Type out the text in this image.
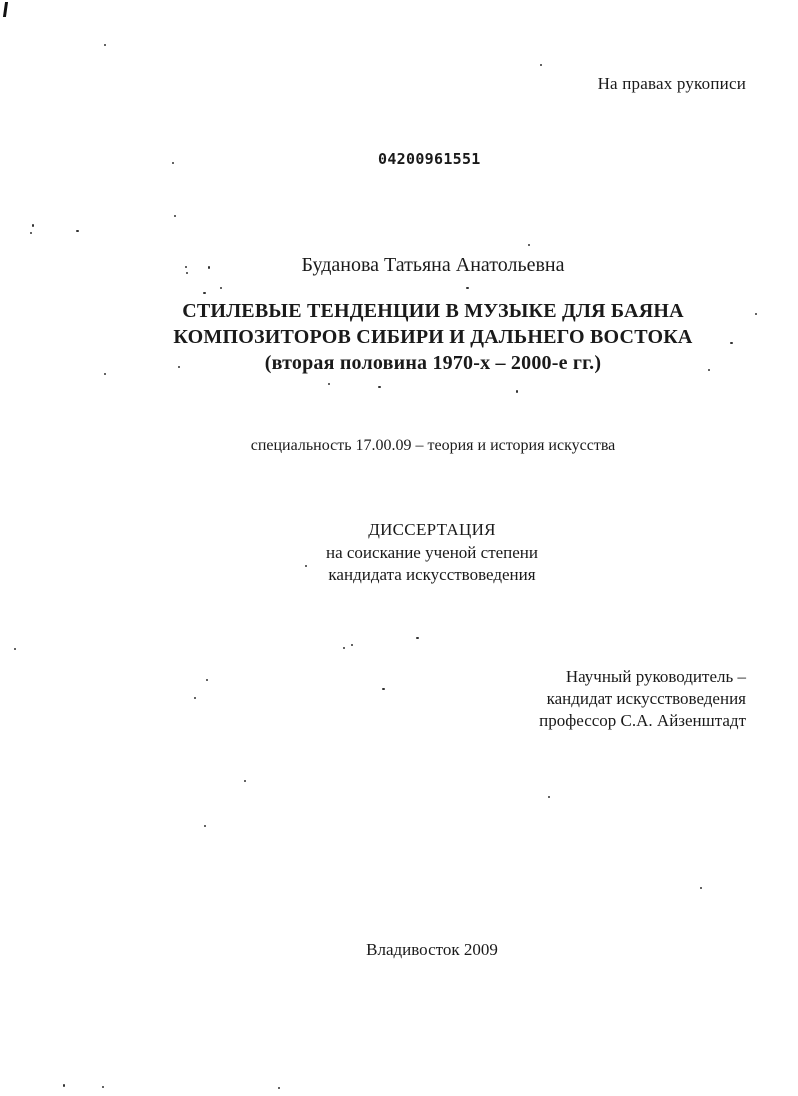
На правах рукописи
04200961551
Буданова Татьяна Анатольевна
СТИЛЕВЫЕ ТЕНДЕНЦИИ В МУЗЫКЕ ДЛЯ БАЯНА
КОМПОЗИТОРОВ СИБИРИ И ДАЛЬНЕГО ВОСТОКА
(вторая половина 1970-х – 2000-е гг.)
специальность 17.00.09 – теория и история искусства
ДИССЕРТАЦИЯ
на соискание ученой степени
кандидата искусствоведения
Научный руководитель –
кандидат искусствоведения
профессор С.А. Айзенштадт
Владивосток 2009
